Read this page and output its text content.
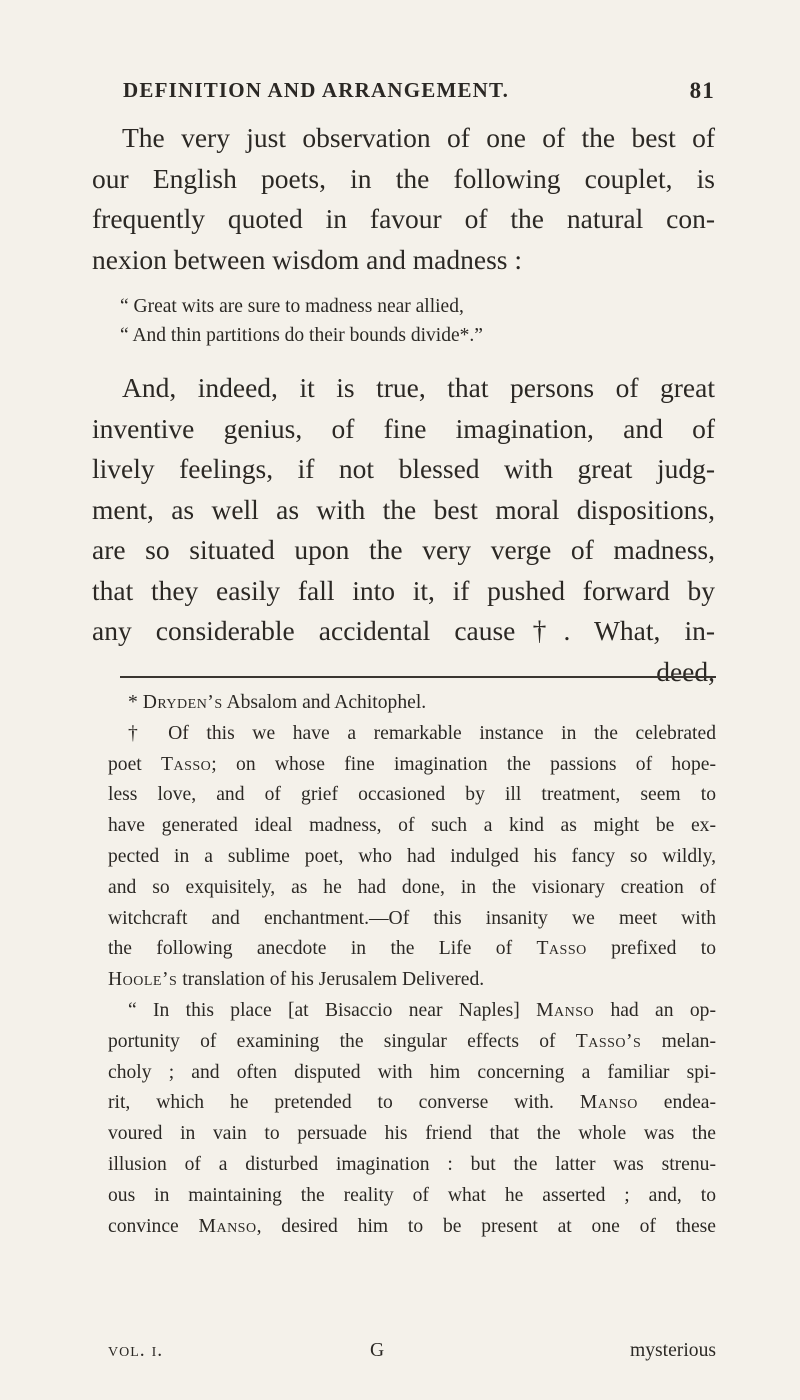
DEFINITION AND ARRANGEMENT.	81
The very just observation of one of the best of
our English poets, in the following couplet, is
frequently quoted in favour of the natural con-
nexion between wisdom and madness :
“ Great wits are sure to madness near allied,
“ And thin partitions do their bounds divide*.”
And, indeed, it is true, that persons of great
inventive genius, of fine imagination, and of
lively feelings, if not blessed with great judg-
ment, as well as with the best moral dispositions,
are so situated upon the very verge of madness,
that they easily fall into it, if pushed forward by
any considerable accidental cause†. What, in-
deed,
* Dryden’s Absalom and Achitophel.
† Of this we have a remarkable instance in the celebrated
poet Tasso; on whose fine imagination the passions of hope-
less love, and of grief occasioned by ill treatment, seem to
have generated ideal madness, of such a kind as might be ex-
pected in a sublime poet, who had indulged his fancy so wildly,
and so exquisitely, as he had done, in the visionary creation of
witchcraft and enchantment.—Of this insanity we meet with
the following anecdote in the Life of Tasso prefixed to
Hoole’s translation of his Jerusalem Delivered.
“ In this place [at Bisaccio near Naples] Manso had an op-
portunity of examining the singular effects of Tasso’s melan-
choly ; and often disputed with him concerning a familiar spi-
rit, which he pretended to converse with. Manso endea-
voured in vain to persuade his friend that the whole was the
illusion of a disturbed imagination : but the latter was strenu-
ous in maintaining the reality of what he asserted ; and, to
convince Manso, desired him to be present at one of these
vol. i.	G	mysterious
